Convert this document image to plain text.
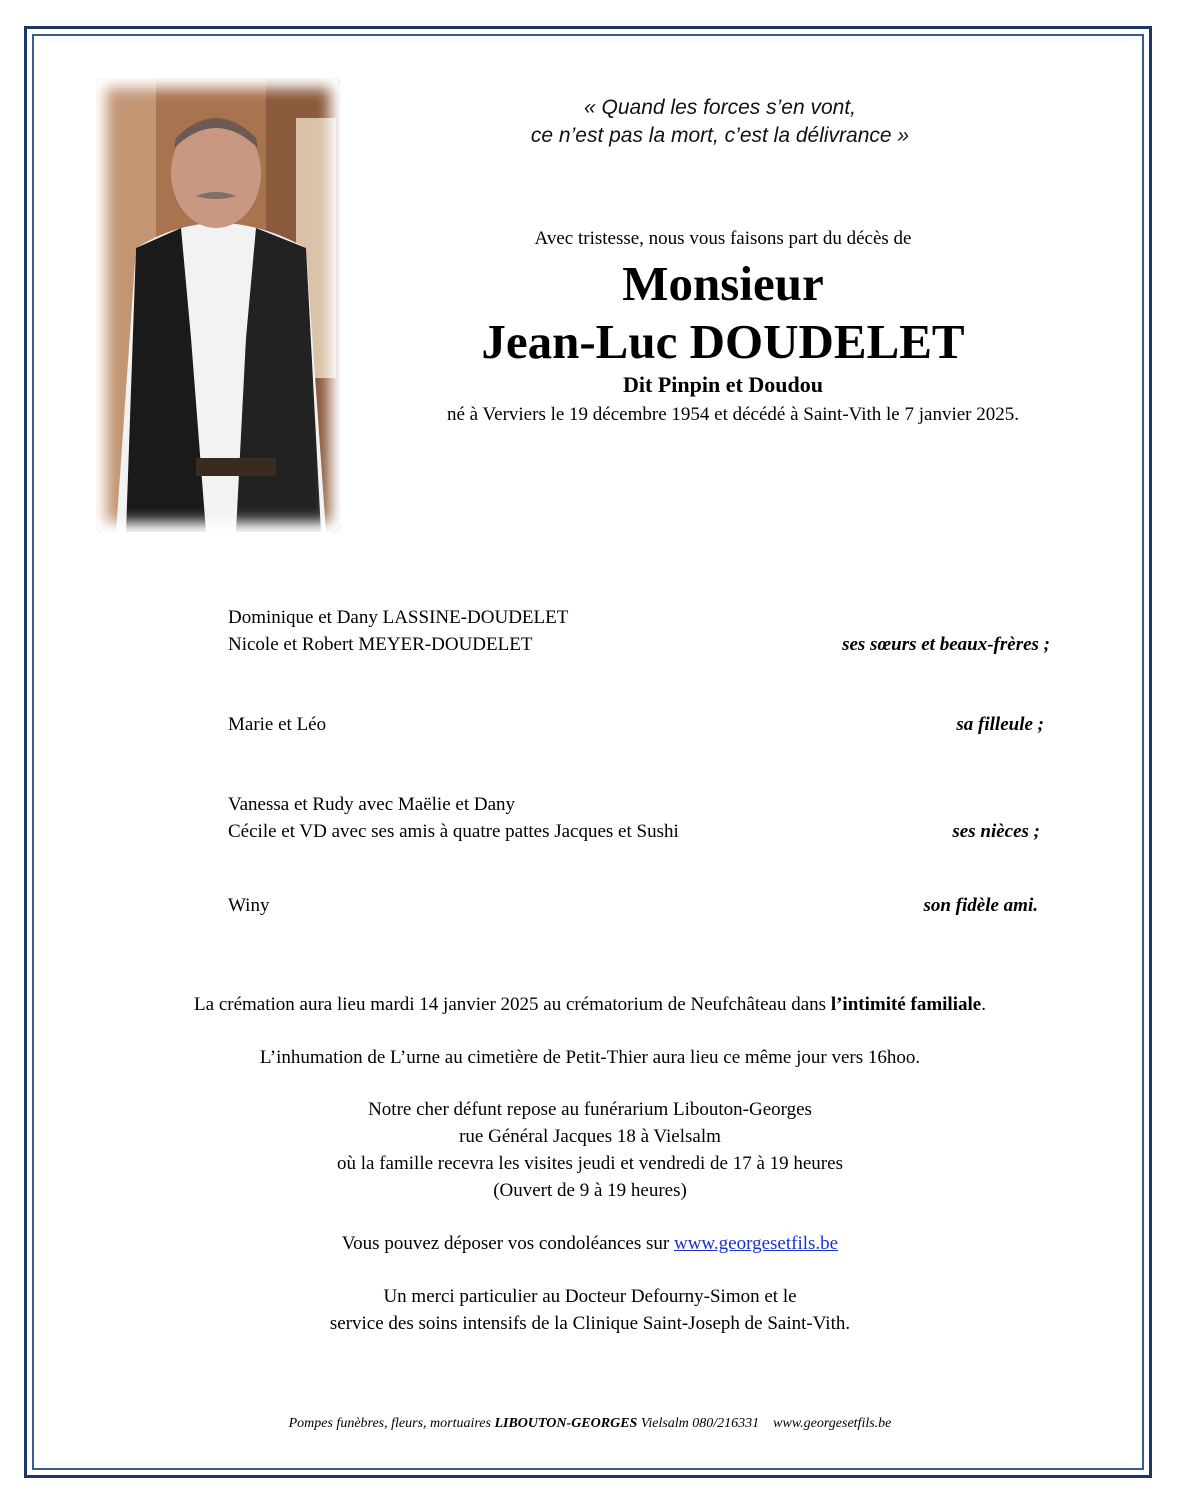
« Quand les forces s’en vont,
ce n’est pas la mort, c’est la délivrance »
Avec tristesse, nous vous faisons part du décès de
Monsieur
Jean-Luc DOUDELET
Dit Pinpin et Doudou
né à Verviers le 19 décembre 1954 et décédé à Saint-Vith le 7 janvier 2025.
Dominique et Dany LASSINE-DOUDELET
Nicole et Robert MEYER-DOUDELET	ses sœurs et beaux-frères ;
Marie et Léo	sa filleule ;
Vanessa et Rudy avec Maëlie et Dany
Cécile et VD avec ses amis à quatre pattes Jacques et Sushi	ses nièces ;
Winy	son fidèle ami.
La crémation aura lieu mardi 14 janvier 2025 au crématorium de Neufchâteau dans l’intimité familiale.
L’inhumation de L’urne au cimetière de Petit-Thier aura lieu ce même jour vers 16hoo.
Notre cher défunt repose au funérarium Libouton-Georges
rue Général Jacques 18 à Vielsalm
où la famille recevra les visites jeudi et vendredi de 17 à 19 heures
(Ouvert de 9 à 19 heures)
Vous pouvez déposer vos condoléances sur www.georgesetfils.be
Un merci particulier au Docteur Defourny-Simon et le
service des soins intensifs de la Clinique Saint-Joseph de Saint-Vith.
Pompes funèbres, fleurs, mortuaires LIBOUTON-GEORGES Vielsalm 080/216331    www.georgesetfils.be
